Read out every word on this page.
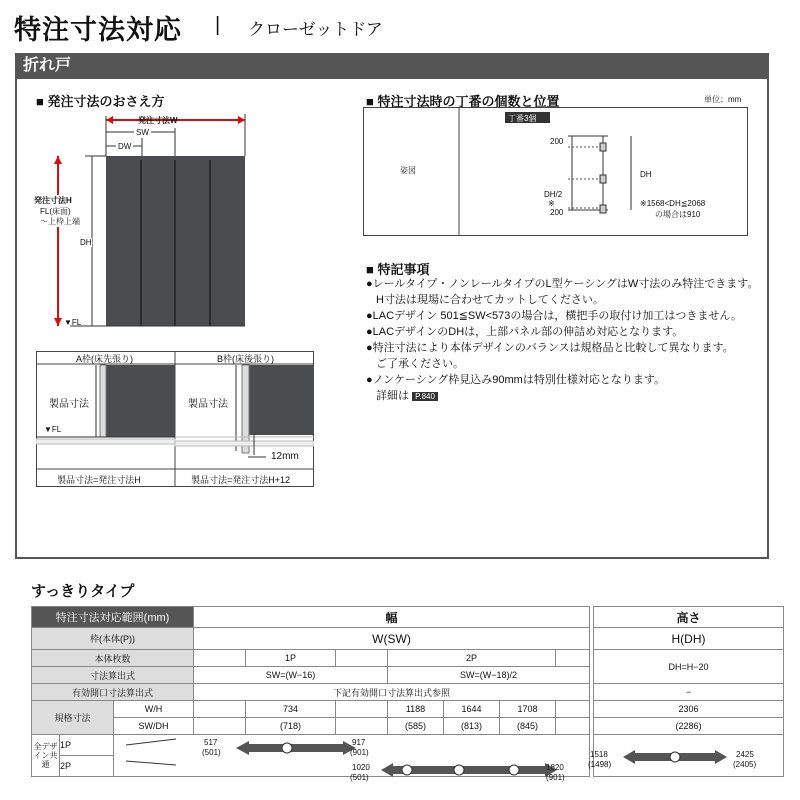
特注寸法対応 | クローゼットドア
折れ戸
■ 発注寸法のおさえ方
発注寸法W
SW
DW
発注寸法H
FL(床面)
～上枠上端
DH
▼FL
A枠(床先張り)	B枠(床後張り)
製品寸法	製品寸法
▼FL
12mm
製品寸法=発注寸法H	製品寸法=発注寸法H+12
■ 特注寸法時の丁番の個数と位置	単位：mm
姿図
丁番3個
200
200
DH/2
※
DH
※1568<DH≦2068
の場合は910
■ 特記事項
●レールタイプ・ノンレールタイプのL型ケーシングはW寸法のみ特注できます。
H寸法は現場に合わせてカットしてください。
●LACデザイン 501≦SW<573の場合は，横把手の取付け加工はつきません。
●LACデザインのDHは，上部パネル部の伸詰め対応となります。
●特注寸法により本体デザインのバランスは規格品と比較して異なります。
ご了承ください。
●ノンケーシング枠見込み90mmは特別仕様対応となります。
詳細は P.840
すっきりタイプ
特注寸法対応範囲(mm)			幅								高さ
枠(本体(P))			W(SW)								H(DH)
本体枚数				1P		2P					DH=H−20
寸法算出式			SW=(W−16)			SW=(W−18)/2					
有効開口寸法算出式			下記有効開口寸法算出式参照								−
規格寸法		W/H		734		1188	1644	1708			2306
		SW/DH		(718)		(585)	(813)	(845)			(2286)
全デザイン共通	1P										
	2P										
517
(501)
917
(901)
1020
(501)
1820
(901)
1518
(1498)
2425
(2405)
